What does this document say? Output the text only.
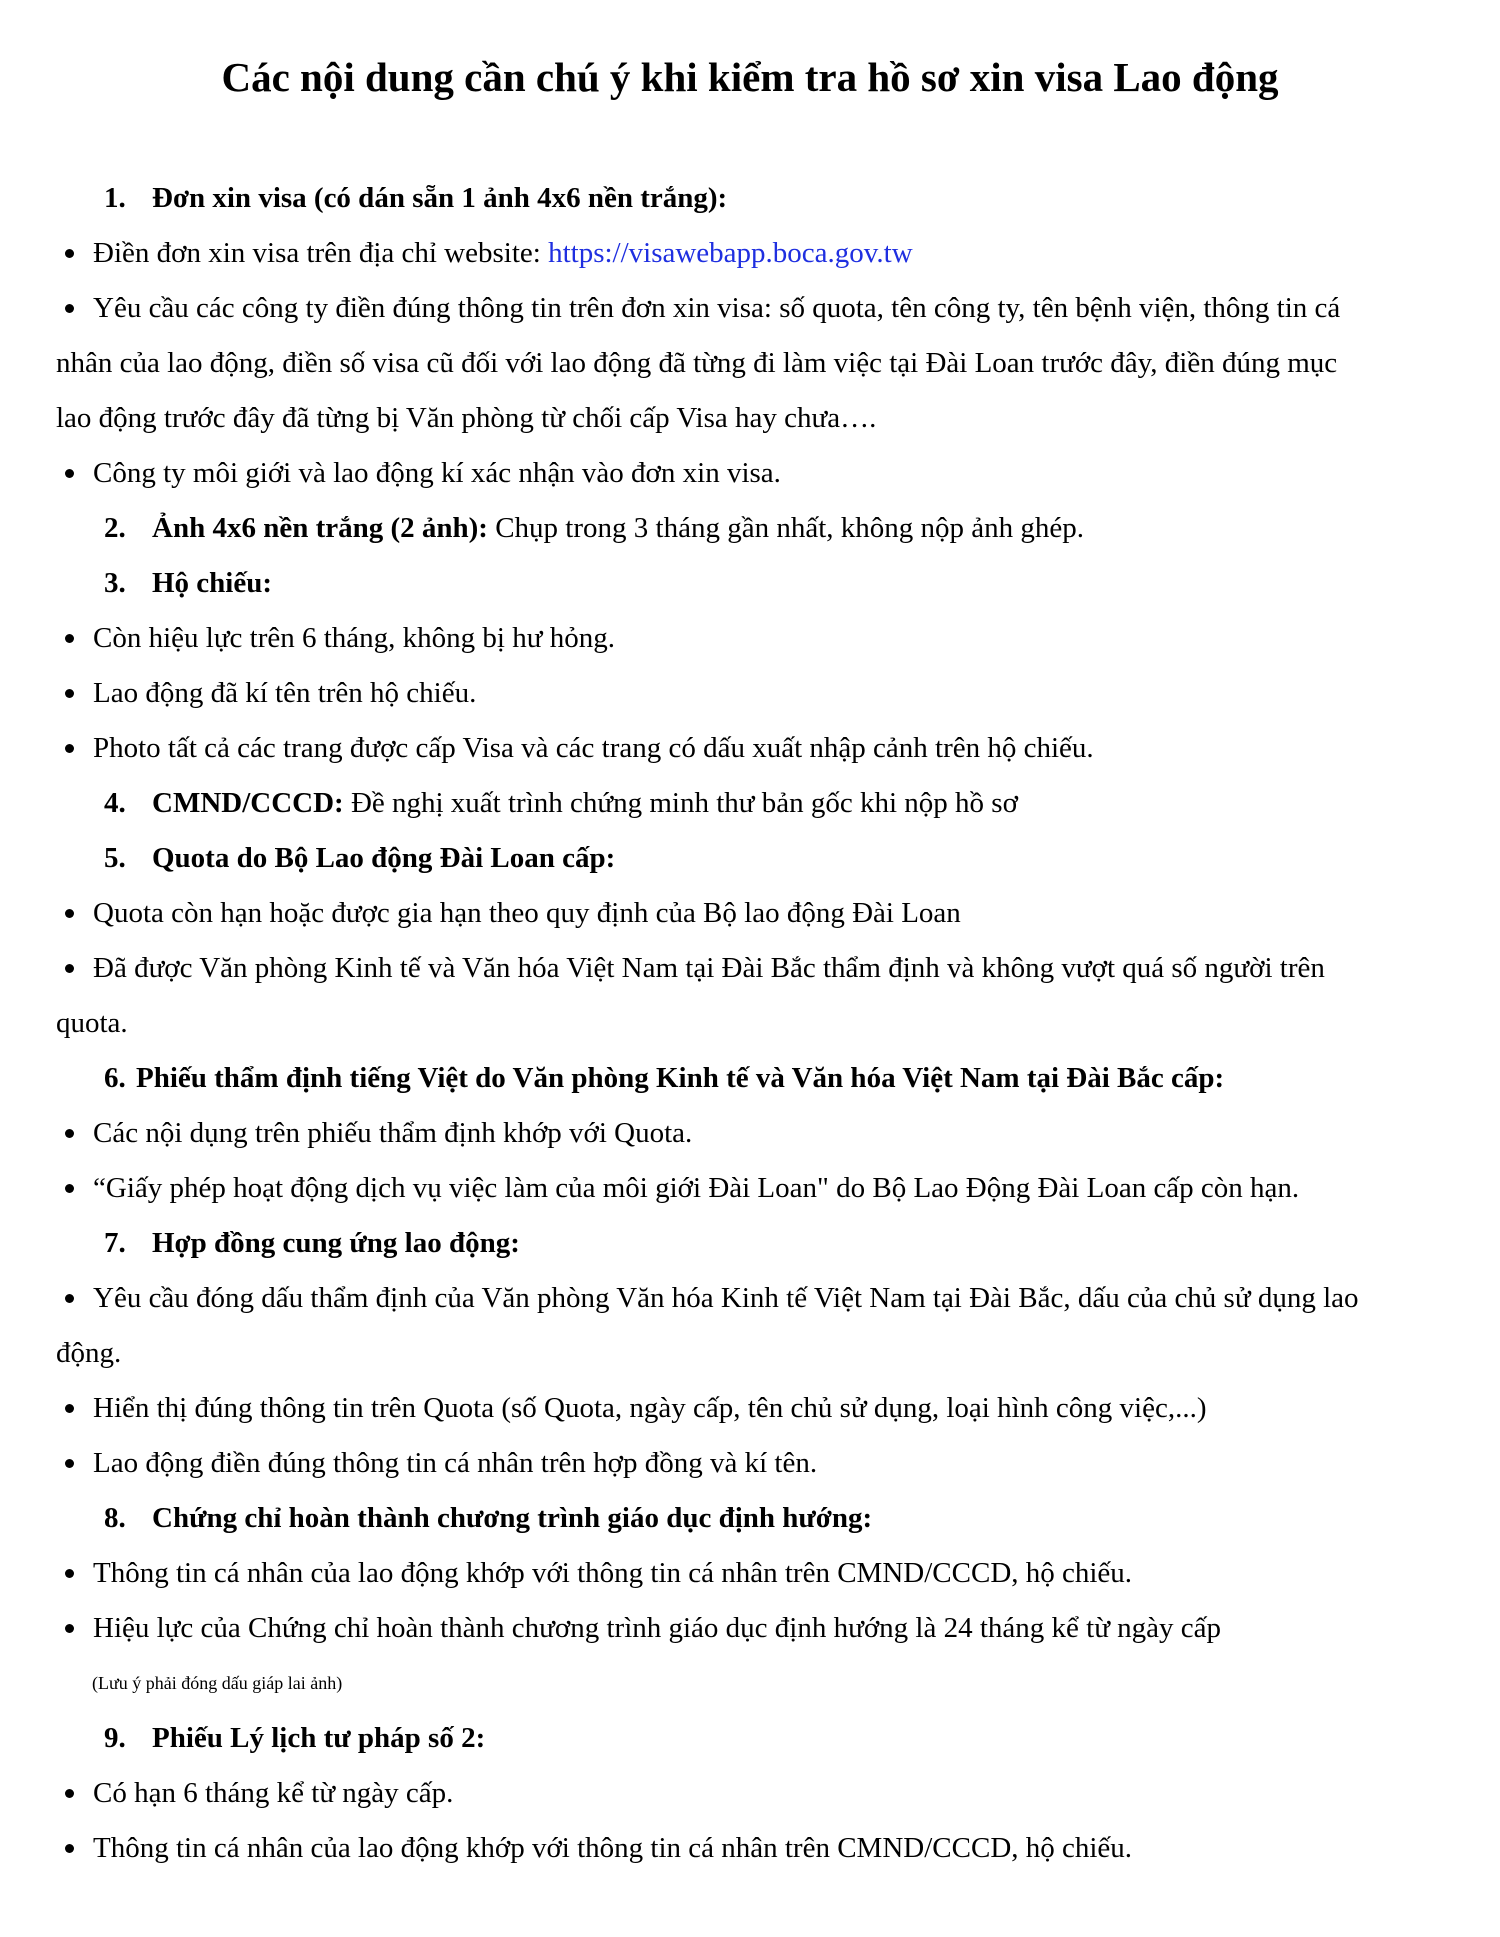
Các nội dung cần chú ý khi kiểm tra hồ sơ xin visa Lao động
1. Đơn xin visa (có dán sẵn 1 ảnh 4x6 nền trắng):
Điền đơn xin visa trên địa chỉ website: https://visawebapp.boca.gov.tw
Yêu cầu các công ty điền đúng thông tin trên đơn xin visa: số quota, tên công ty, tên bệnh viện, thông tin cá
nhân của lao động, điền số visa cũ đối với lao động đã từng đi làm việc tại Đài Loan trước đây, điền đúng mục
lao động trước đây đã từng bị Văn phòng từ chối cấp Visa hay chưa….
Công ty môi giới và lao động kí xác nhận vào đơn xin visa.
2. Ảnh 4x6 nền trắng (2 ảnh): Chụp trong 3 tháng gần nhất, không nộp ảnh ghép.
3. Hộ chiếu:
Còn hiệu lực trên 6 tháng, không bị hư hỏng.
Lao động đã kí tên trên hộ chiếu.
Photo tất cả các trang được cấp Visa và các trang có dấu xuất nhập cảnh trên hộ chiếu.
4. CMND/CCCD: Đề nghị xuất trình chứng minh thư bản gốc khi nộp hồ sơ
5. Quota do Bộ Lao động Đài Loan cấp:
Quota còn hạn hoặc được gia hạn theo quy định của Bộ lao động Đài Loan
Đã được Văn phòng Kinh tế và Văn hóa Việt Nam tại Đài Bắc thẩm định và không vượt quá số người trên
quota.
6. Phiếu thẩm định tiếng Việt do Văn phòng Kinh tế và Văn hóa Việt Nam tại Đài Bắc cấp:
Các nội dụng trên phiếu thẩm định khớp với Quota.
“Giấy phép hoạt động dịch vụ việc làm của môi giới Đài Loan" do Bộ Lao Động Đài Loan cấp còn hạn.
7. Hợp đồng cung ứng lao động:
Yêu cầu đóng dấu thẩm định của Văn phòng Văn hóa Kinh tế Việt Nam tại Đài Bắc, dấu của chủ sử dụng lao
động.
Hiển thị đúng thông tin trên Quota (số Quota, ngày cấp, tên chủ sử dụng, loại hình công việc,...)
Lao động điền đúng thông tin cá nhân trên hợp đồng và kí tên.
8. Chứng chỉ hoàn thành chương trình giáo dục định hướng:
Thông tin cá nhân của lao động khớp với thông tin cá nhân trên CMND/CCCD, hộ chiếu.
Hiệu lực của Chứng chỉ hoàn thành chương trình giáo dục định hướng là 24 tháng kể từ ngày cấp
(Lưu ý phải đóng dấu giáp lai ảnh)
9. Phiếu Lý lịch tư pháp số 2:
Có hạn 6 tháng kể từ ngày cấp.
Thông tin cá nhân của lao động khớp với thông tin cá nhân trên CMND/CCCD, hộ chiếu.
